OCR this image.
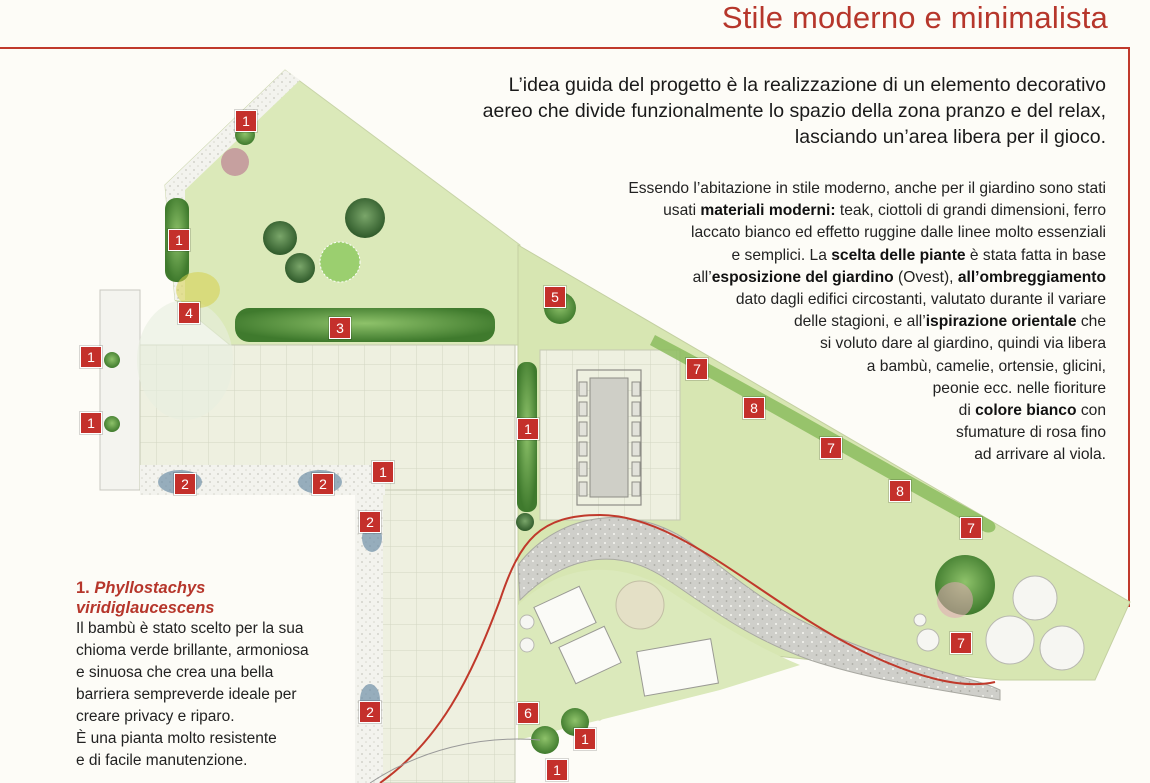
Stile moderno e minimalista
L’idea guida del progetto è la realizzazione di un elemento decorativo
aereo che divide funzionalmente lo spazio della zona pranzo e del relax,
lasciando un’area libera per il gioco.
Essendo l’abitazione in stile moderno, anche per il giardino sono stati
usati materiali moderni: teak, ciottoli di grandi dimensioni, ferro
laccato bianco ed effetto ruggine dalle linee molto essenziali
e semplici. La scelta delle piante è stata fatta in base
all’esposizione del giardino (Ovest), all’ombreggiamento
dato dagli edifici circostanti, valutato durante il variare
delle stagioni, e all’ispirazione orientale che
si voluto dare al giardino, quindi via libera
a bambù, camelie, ortensie, glicini,
peonie ecc. nelle fioriture
di colore bianco con
sfumature di rosa fino
ad arrivare al viola.

1. Phyllostachys
viridiglaucescens
Il bambù è stato scelto per la sua
chioma verde brillante, armoniosa
e sinuosa che crea una bella
barriera sempreverde ideale per
creare privacy e riparo.
È una pianta molto resistente
e di facile manutenzione.
1
1
4
3
1
1
2	2
1
2
2
5
1
7
8
7
8
7
7
6
1
1
